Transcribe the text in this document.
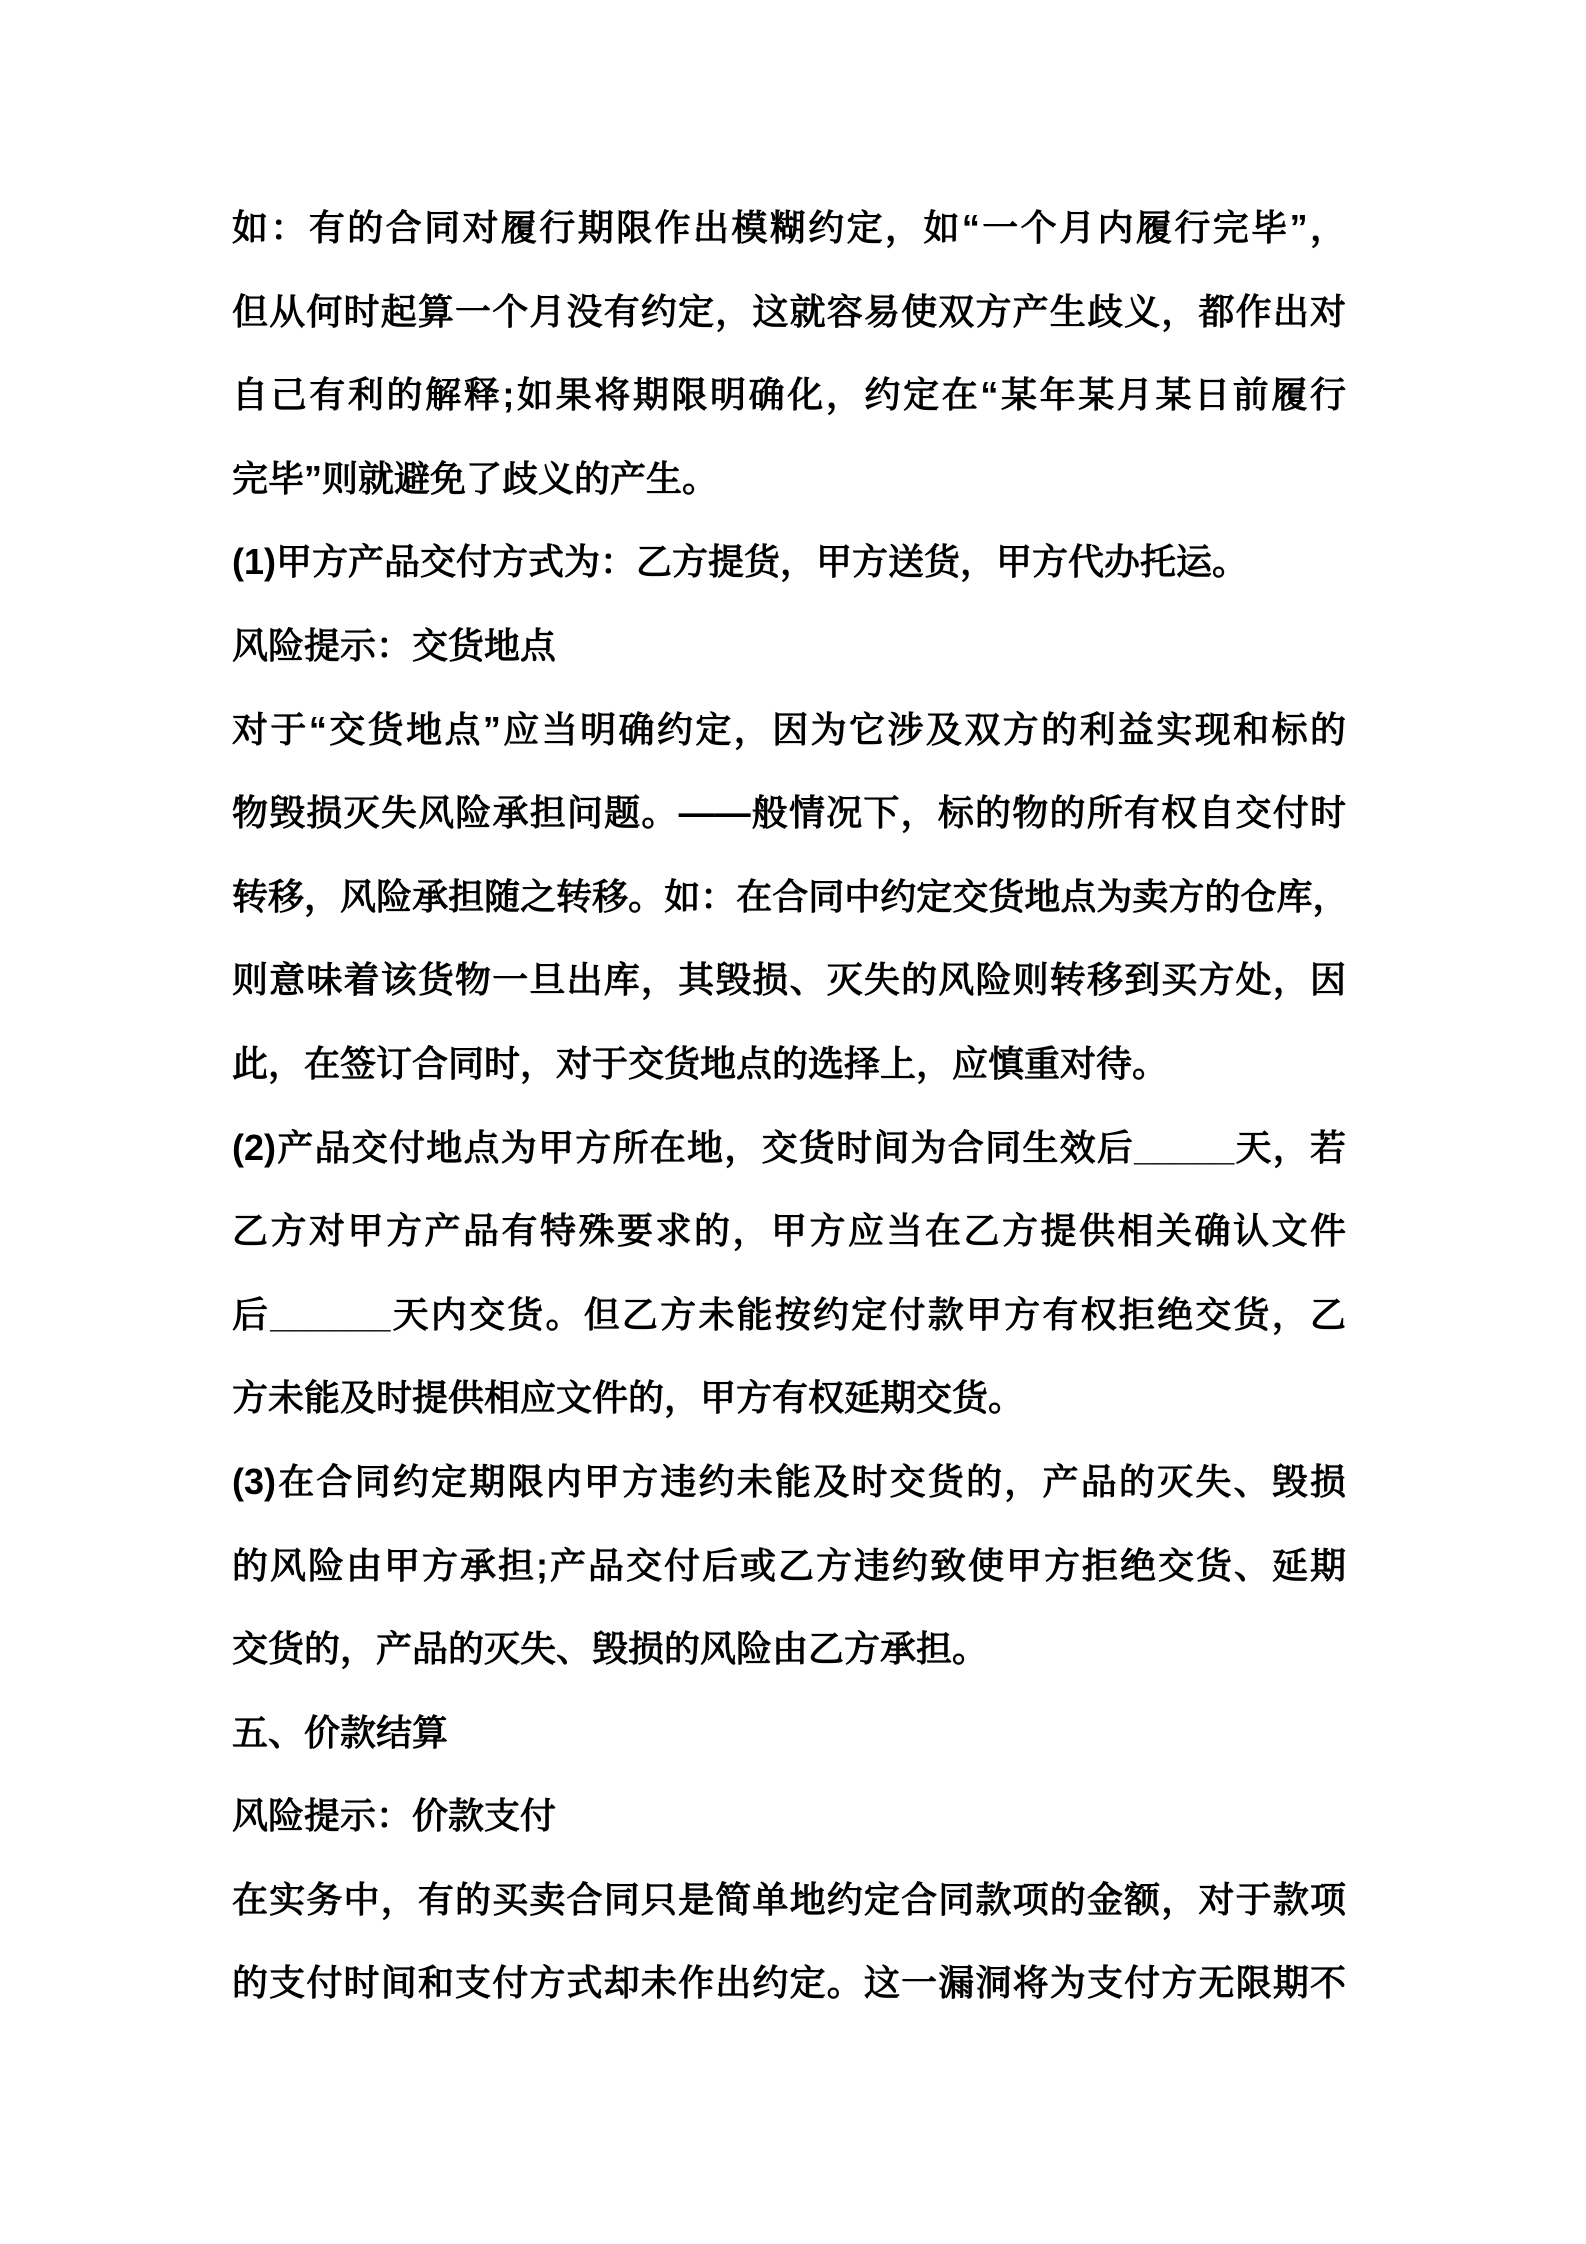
如：有的合同对履行期限作出模糊约定，如“一个月内履行完毕”，
但从何时起算一个月没有约定，这就容易使双方产生歧义，都作出对
自己有利的解释;如果将期限明确化，约定在“某年某月某日前履行
完毕”则就避免了歧义的产生。
(1)甲方产品交付方式为：乙方提货，甲方送货，甲方代办托运。
风险提示：交货地点
对于“交货地点”应当明确约定，因为它涉及双方的利益实现和标的
物毁损灭失风险承担问题。——般情况下，标的物的所有权自交付时
转移，风险承担随之转移。如：在合同中约定交货地点为卖方的仓库，
则意味着该货物一旦出库，其毁损、灭失的风险则转移到买方处，因
此，在签订合同时，对于交货地点的选择上，应慎重对待。
(2)产品交付地点为甲方所在地，交货时间为合同生效后_____天，若
乙方对甲方产品有特殊要求的，甲方应当在乙方提供相关确认文件
后______天内交货。但乙方未能按约定付款甲方有权拒绝交货，乙
方未能及时提供相应文件的，甲方有权延期交货。
(3)在合同约定期限内甲方违约未能及时交货的，产品的灭失、毁损
的风险由甲方承担;产品交付后或乙方违约致使甲方拒绝交货、延期
交货的，产品的灭失、毁损的风险由乙方承担。
五、价款结算
风险提示：价款支付
在实务中，有的买卖合同只是简单地约定合同款项的金额，对于款项
的支付时间和支付方式却未作出约定。这一漏洞将为支付方无限期不
